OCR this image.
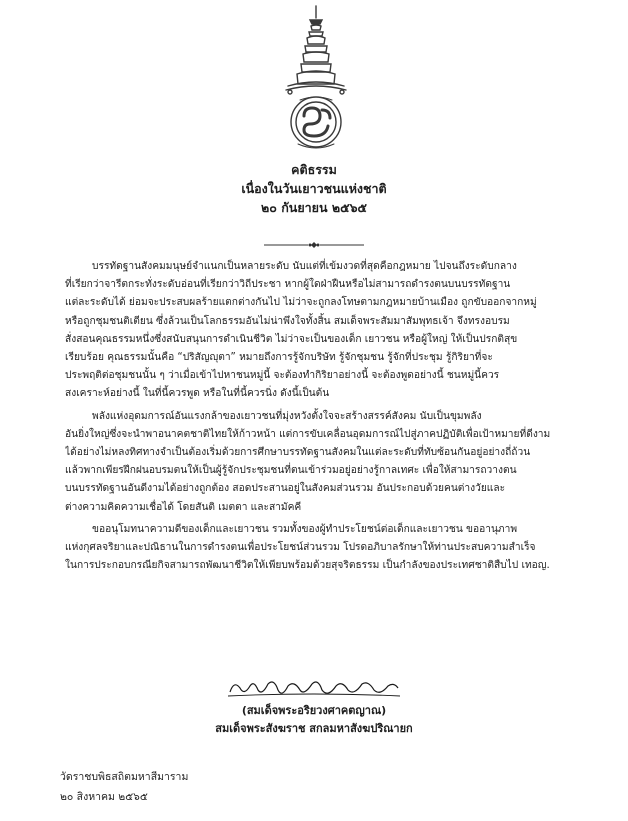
คติธรรม
เนื่องในวันเยาวชนแห่งชาติ
๒๐ กันยายน ๒๕๖๕

บรรทัดฐานสังคมมนุษย์จำแนกเป็นหลายระดับ นับแต่ที่เข้มงวดที่สุดคือกฎหมาย ไปจนถึงระดับกลาง
ที่เรียกว่าจารีตกระทั่งระดับอ่อนที่เรียกว่าวิถีประชา หากผู้ใดฝ่าฝืนหรือไม่สามารถดำรงตนบนบรรทัดฐาน
แต่ละระดับได้ ย่อมจะประสบผลร้ายแตกต่างกันไป ไม่ว่าจะถูกลงโทษตามกฎหมายบ้านเมือง ถูกขับออกจากหมู่
หรือถูกชุมชนติเตียน ซึ่งล้วนเป็นโลกธรรมอันไม่น่าพึงใจทั้งสิ้น สมเด็จพระสัมมาสัมพุทธเจ้า จึงทรงอบรม
สั่งสอนคุณธรรมหนึ่งซึ่งสนับสนุนการดำเนินชีวิต ไม่ว่าจะเป็นของเด็ก เยาวชน หรือผู้ใหญ่ ให้เป็นปรกติสุข
เรียบร้อย คุณธรรมนั้นคือ “ปริสัญญุตา” หมายถึงการรู้จักบริษัท รู้จักชุมชน รู้จักที่ประชุม รู้กิริยาที่จะ
ประพฤติต่อชุมชนนั้น ๆ ว่าเมื่อเข้าไปหาชนหมู่นี้ จะต้องทำกิริยาอย่างนี้ จะต้องพูดอย่างนี้ ชนหมู่นี้ควร
สงเคราะห์อย่างนี้ ในที่นี้ควรพูด หรือในที่นี้ควรนิ่ง ดังนี้เป็นต้น

พลังแห่งอุดมการณ์อันแรงกล้าของเยาวชนที่มุ่งหวังตั้งใจจะสร้างสรรค์สังคม นับเป็นขุมพลัง
อันยิ่งใหญ่ซึ่งจะนำพาอนาคตชาติไทยให้ก้าวหน้า แต่การขับเคลื่อนอุดมการณ์ไปสู่ภาคปฏิบัติเพื่อเป้าหมายที่ดีงาม
ได้อย่างไม่หลงทิศทางจำเป็นต้องเริ่มด้วยการศึกษาบรรทัดฐานสังคมในแต่ละระดับที่ทับซ้อนกันอยู่อย่างถี่ถ้วน
แล้วพากเพียรฝึกฝนอบรมตนให้เป็นผู้รู้จักประชุมชนที่ตนเข้าร่วมอยู่อย่างรู้กาลเทศะ เพื่อให้สามารถวางตน
บนบรรทัดฐานอันดีงามได้อย่างถูกต้อง สอดประสานอยู่ในสังคมส่วนรวม อันประกอบด้วยคนต่างวัยและ
ต่างความคิดความเชื่อได้ โดยสันติ เมตตา และสามัคคี

ขออนุโมทนาความดีของเด็กและเยาวชน รวมทั้งของผู้ทำประโยชน์ต่อเด็กและเยาวชน ขออานุภาพ
แห่งกุศลจริยาและปณิธานในการดำรงตนเพื่อประโยชน์ส่วนรวม โปรดอภิบาลรักษาให้ท่านประสบความสำเร็จ
ในการประกอบกรณียกิจสามารถพัฒนาชีวิตให้เพียบพร้อมด้วยสุจริตธรรม เป็นกำลังของประเทศชาติสืบไป เทอญ.

(สมเด็จพระอริยวงศาคตญาณ)
สมเด็จพระสังฆราช สกลมหาสังฆปริณายก
วัดราชบพิธสถิตมหาสีมาราม
๒๐ สิงหาคม ๒๕๖๕
